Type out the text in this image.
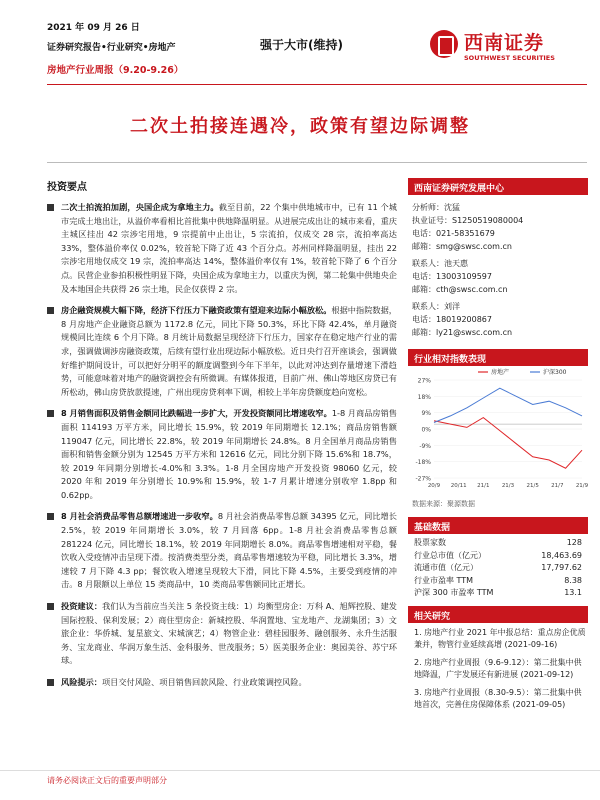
2021 年 09 月 26 日
证券研究报告•行业研究•房地产
房地产行业周报（9.20-9.26）
强于大市(维持)	西南证券
SOUTHWEST SECURITIES
二次土拍接连遇冷，政策有望边际调整
投资要点
二次土拍流拍加剧，央国企成为拿地主力。截至目前，22 个集中供地城市中，已有 11 个城市完成土地出让，从溢价率看相比首批集中供地降温明显。从进展完成出让的城市来看，重庆主城区挂出 42 宗涉宅用地，9 宗提前中止出让，5 宗流拍，仅成交 28 宗，流拍率高达 33%，整体溢价率仅 0.02%，较首轮下降了近 43 个百分点。苏州同样降温明显，挂出 22 宗涉宅用地仅成交 19 宗，流拍率高达 14%，整体溢价率仅有 1%，较首轮下降了 6 个百分点。民营企业参拍积极性明显下降，央国企成为拿地主力，以重庆为例，第二轮集中供地央企及本地国企共获得 26 宗土地，民企仅获得 2 宗。
房企融资规模大幅下降，经济下行压力下融资政策有望迎来边际小幅放松。根据中指院数据，8 月房地产企业融资总额为 1172.8 亿元，同比下降 50.3%，环比下降 42.4%，单月融资规模同比连续 6 个月下降。8 月统计局数据呈现经济下行压力，国家存在稳定地产行业的需求，强调做调涉房融资政策，后续有望行业出现边际小幅放松。近日央行召开座谈会，强调做好维护期间设计，可以把好分明平的额度调整到今年下半年，以此对冲达到存量增速下滑趋势，可能意味着对地产的融资调控会有所微调。有媒体报道，目前广州、佛山等地区房贷已有所松动，佛山房贷放款提速，广州出现房贷利率下调，相较上半年房贷额度趋向宽松。
8 月销售面积及销售金额同比跌幅进一步扩大，开发投资额同比增速收窄。1-8 月商品房销售面积 114193 万平方米，同比增长 15.9%，较 2019 年同期增长 12.1%；商品房销售额 119047 亿元，同比增长 22.8%，较 2019 年同期增长 24.8%。8 月全国单月商品房销售面积和销售金额分别为 12545 万平方米和 12616 亿元，同比分别下降 15.6%和 18.7%，较 2019 年同期分别增长-4.0%和 3.3%。1-8 月全国房地产开发投资 98060 亿元，较 2020 年和 2019 年分别增长 10.9%和 15.9%，较 1-7 月累计增速分别收窄 1.8pp 和 0.62pp。
8 月社会消费品零售总额增速进一步收窄。8 月社会消费品零售总额 34395 亿元，同比增长 2.5%，较 2019 年同期增长 3.0%，较 7 月回落 6pp。1-8 月社会消费品零售总额 281224 亿元，同比增长 18.1%，较 2019 年同期增长 8.0%。商品零售增速相对平稳，餐饮收入受疫情冲击呈现下滑。按消费类型分类，商品零售增速较为平稳，同比增长 3.3%，增速较 7 月下降 4.3 pp；餐饮收入增速呈现较大下滑，同比下降 4.5%，主要受到疫情的冲击。8 月限额以上单位 15 类商品中，10 类商品零售额同比正增长。
投资建议：我们认为当前应当关注 5 条投资主线：1）均衡型房企：万科 A、旭辉控股、建发国际控股、保利发展；2）商住型房企：新城控股、华润置地、宝龙地产、龙湖集团；3）文旅企业：华侨城、复星旅文、宋城演艺；4）物管企业：碧桂园服务、融创服务、永升生活服务、宝龙商业、华润万象生活、金科服务、世茂服务；5）医美服务企业：奥园美谷、苏宁环球。
风险提示：项目交付风险、项目销售回款风险、行业政策调控风险。
西南证券研究发展中心
分析师：沈猛
执业证号：S1250519080004
电话：021-58351679
邮箱：smg@swsc.com.cn
联系人：池天惠
电话：13003109597
邮箱：cth@swsc.com.cn
联系人：刘洋
电话：18019200867
邮箱：ly21@swsc.com.cn
行业相对指数表现
27%
18%
9%
0%
-9%
-18%
-27%
20/9 20/11 21/1 21/3 21/5 21/7 21/9
房地产	沪深300
数据来源：聚源数据
基础数据
股票家数	128
行业总市值（亿元）	18,463.69
流通市值（亿元）	17,797.62
行业市盈率 TTM	8.38
沪深 300 市盈率 TTM	13.1
相关研究
1. 房地产行业 2021 年中报总结：重点房企优质兼并，物管行业延续高增 (2021-09-16)
2. 房地产行业周报（9.6-9.12）：第二批集中供地降温，广宇发展还有新进展 (2021-09-12)
3. 房地产行业周报（8.30-9.5）：第二批集中供地首次，完善住房保障体系 (2021-09-05)
请务必阅读正文后的重要声明部分
